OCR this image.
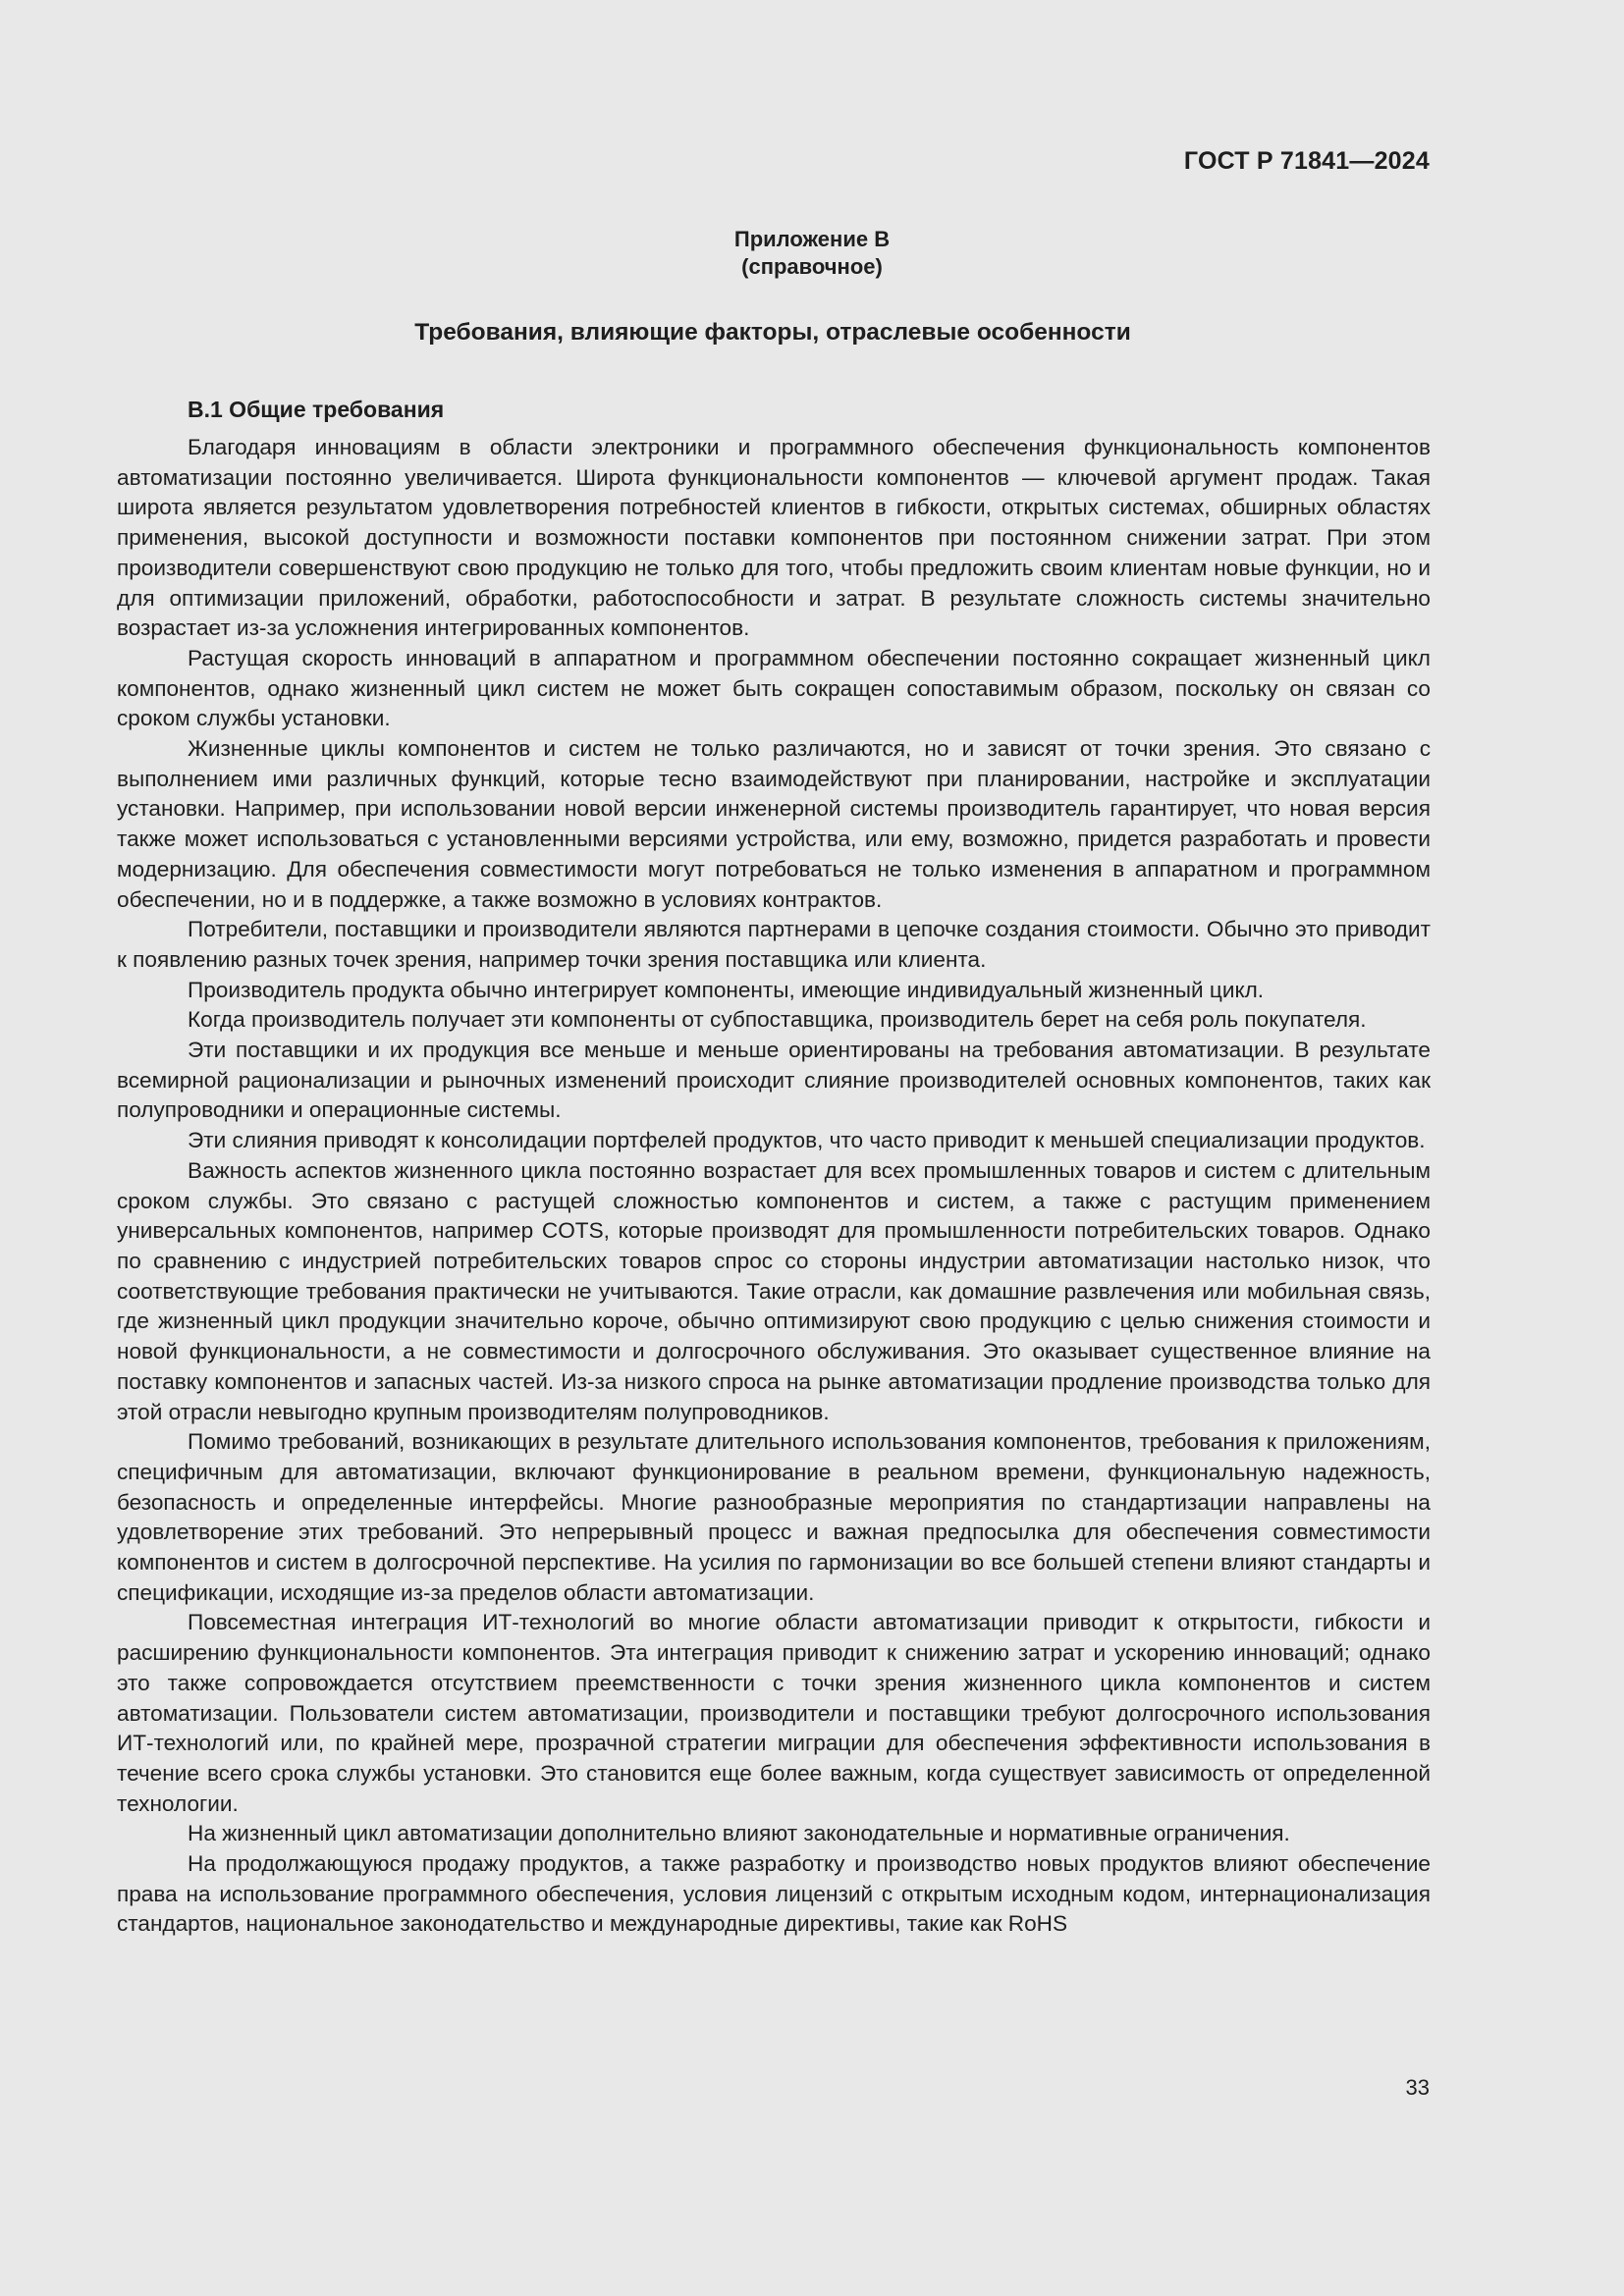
ГОСТ Р 71841—2024
Приложение В
(справочное)
Требования, влияющие факторы, отраслевые особенности
В.1 Общие требования

Благодаря инновациям в области электроники и программного обеспечения функциональность компонентов автоматизации постоянно увеличивается. Широта функциональности компонентов — ключевой аргумент продаж. Такая широта является результатом удовлетворения потребностей клиентов в гибкости, открытых системах, обширных областях применения, высокой доступности и возможности поставки компонентов при постоянном снижении затрат. При этом производители совершенствуют свою продукцию не только для того, чтобы предложить своим клиентам новые функции, но и для оптимизации приложений, обработки, работоспособности и затрат. В результате сложность системы значительно возрастает из-за усложнения интегрированных компонентов.

Растущая скорость инноваций в аппаратном и программном обеспечении постоянно сокращает жизненный цикл компонентов, однако жизненный цикл систем не может быть сокращен сопоставимым образом, поскольку он связан со сроком службы установки.

Жизненные циклы компонентов и систем не только различаются, но и зависят от точки зрения. Это связано с выполнением ими различных функций, которые тесно взаимодействуют при планировании, настройке и эксплуатации установки. Например, при использовании новой версии инженерной системы производитель гарантирует, что новая версия также может использоваться с установленными версиями устройства, или ему, возможно, придется разработать и провести модернизацию. Для обеспечения совместимости могут потребоваться не только изменения в аппаратном и программном обеспечении, но и в поддержке, а также возможно в условиях контрактов.

Потребители, поставщики и производители являются партнерами в цепочке создания стоимости. Обычно это приводит к появлению разных точек зрения, например точки зрения поставщика или клиента.

Производитель продукта обычно интегрирует компоненты, имеющие индивидуальный жизненный цикл.

Когда производитель получает эти компоненты от субпоставщика, производитель берет на себя роль покупателя.

Эти поставщики и их продукция все меньше и меньше ориентированы на требования автоматизации. В результате всемирной рационализации и рыночных изменений происходит слияние производителей основных компонентов, таких как полупроводники и операционные системы.

Эти слияния приводят к консолидации портфелей продуктов, что часто приводит к меньшей специализации продуктов.

Важность аспектов жизненного цикла постоянно возрастает для всех промышленных товаров и систем с длительным сроком службы. Это связано с растущей сложностью компонентов и систем, а также с растущим применением универсальных компонентов, например COTS, которые производят для промышленности потребительских товаров. Однако по сравнению с индустрией потребительских товаров спрос со стороны индустрии автоматизации настолько низок, что соответствующие требования практически не учитываются. Такие отрасли, как домашние развлечения или мобильная связь, где жизненный цикл продукции значительно короче, обычно оптимизируют свою продукцию с целью снижения стоимости и новой функциональности, а не совместимости и долгосрочного обслуживания. Это оказывает существенное влияние на поставку компонентов и запасных частей. Из-за низкого спроса на рынке автоматизации продление производства только для этой отрасли невыгодно крупным производителям полупроводников.

Помимо требований, возникающих в результате длительного использования компонентов, требования к приложениям, специфичным для автоматизации, включают функционирование в реальном времени, функциональную надежность, безопасность и определенные интерфейсы. Многие разнообразные мероприятия по стандартизации направлены на удовлетворение этих требований. Это непрерывный процесс и важная предпосылка для обеспечения совместимости компонентов и систем в долгосрочной перспективе. На усилия по гармонизации во все большей степени влияют стандарты и спецификации, исходящие из-за пределов области автоматизации.

Повсеместная интеграция ИТ-технологий во многие области автоматизации приводит к открытости, гибкости и расширению функциональности компонентов. Эта интеграция приводит к снижению затрат и ускорению инноваций; однако это также сопровождается отсутствием преемственности с точки зрения жизненного цикла компонентов и систем автоматизации. Пользователи систем автоматизации, производители и поставщики требуют долгосрочного использования ИТ-технологий или, по крайней мере, прозрачной стратегии миграции для обеспечения эффективности использования в течение всего срока службы установки. Это становится еще более важным, когда существует зависимость от определенной технологии.

На жизненный цикл автоматизации дополнительно влияют законодательные и нормативные ограничения.

На продолжающуюся продажу продуктов, а также разработку и производство новых продуктов влияют обеспечение права на использование программного обеспечения, условия лицензий с открытым исходным кодом, интернационализация стандартов, национальное законодательство и международные директивы, такие как RoHS

33
